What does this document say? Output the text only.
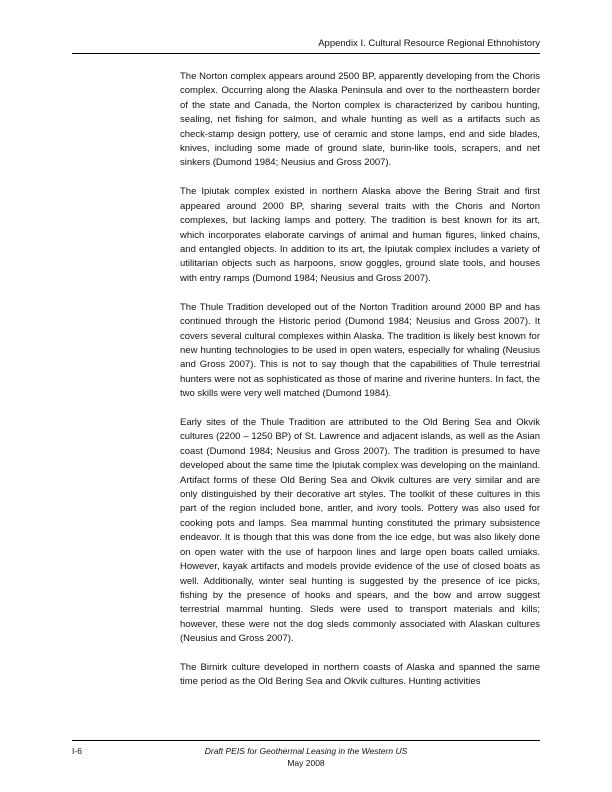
Appendix I. Cultural Resource Regional Ethnohistory

The Norton complex appears around 2500 BP, apparently developing from the Choris complex. Occurring along the Alaska Peninsula and over to the northeastern border of the state and Canada, the Norton complex is characterized by caribou hunting, sealing, net fishing for salmon, and whale hunting as well as a artifacts such as check-stamp design pottery, use of ceramic and stone lamps, end and side blades, knives, including some made of ground slate, burin-like tools, scrapers, and net sinkers (Dumond 1984; Neusius and Gross 2007).

The Ipiutak complex existed in northern Alaska above the Bering Strait and first appeared around 2000 BP, sharing several traits with the Choris and Norton complexes, but lacking lamps and pottery. The tradition is best known for its art, which incorporates elaborate carvings of animal and human figures, linked chains, and entangled objects. In addition to its art, the Ipiutak complex includes a variety of utilitarian objects such as harpoons, snow goggles, ground slate tools, and houses with entry ramps (Dumond 1984; Neusius and Gross 2007).

The Thule Tradition developed out of the Norton Tradition around 2000 BP and has continued through the Historic period (Dumond 1984; Neusius and Gross 2007). It covers several cultural complexes within Alaska. The tradition is likely best known for new hunting technologies to be used in open waters, especially for whaling (Neusius and Gross 2007). This is not to say though that the capabilities of Thule terrestrial hunters were not as sophisticated as those of marine and riverine hunters. In fact, the two skills were very well matched (Dumond 1984).

Early sites of the Thule Tradition are attributed to the Old Bering Sea and Okvik cultures (2200 – 1250 BP) of St. Lawrence and adjacent islands, as well as the Asian coast (Dumond 1984; Neusius and Gross 2007). The tradition is presumed to have developed about the same time the Ipiutak complex was developing on the mainland. Artifact forms of these Old Bering Sea and Okvik cultures are very similar and are only distinguished by their decorative art styles. The toolkit of these cultures in this part of the region included bone, antler, and ivory tools. Pottery was also used for cooking pots and lamps. Sea mammal hunting constituted the primary subsistence endeavor. It is though that this was done from the ice edge, but was also likely done on open water with the use of harpoon lines and large open boats called umiaks. However, kayak artifacts and models provide evidence of the use of closed boats as well. Additionally, winter seal hunting is suggested by the presence of ice picks, fishing by the presence of hooks and spears, and the bow and arrow suggest terrestrial mammal hunting. Sleds were used to transport materials and kills; however, these were not the dog sleds commonly associated with Alaskan cultures (Neusius and Gross 2007).

The Birnirk culture developed in northern coasts of Alaska and spanned the same time period as the Old Bering Sea and Okvik cultures. Hunting activities

I-6	Draft PEIS for Geothermal Leasing in the Western US
May 2008
